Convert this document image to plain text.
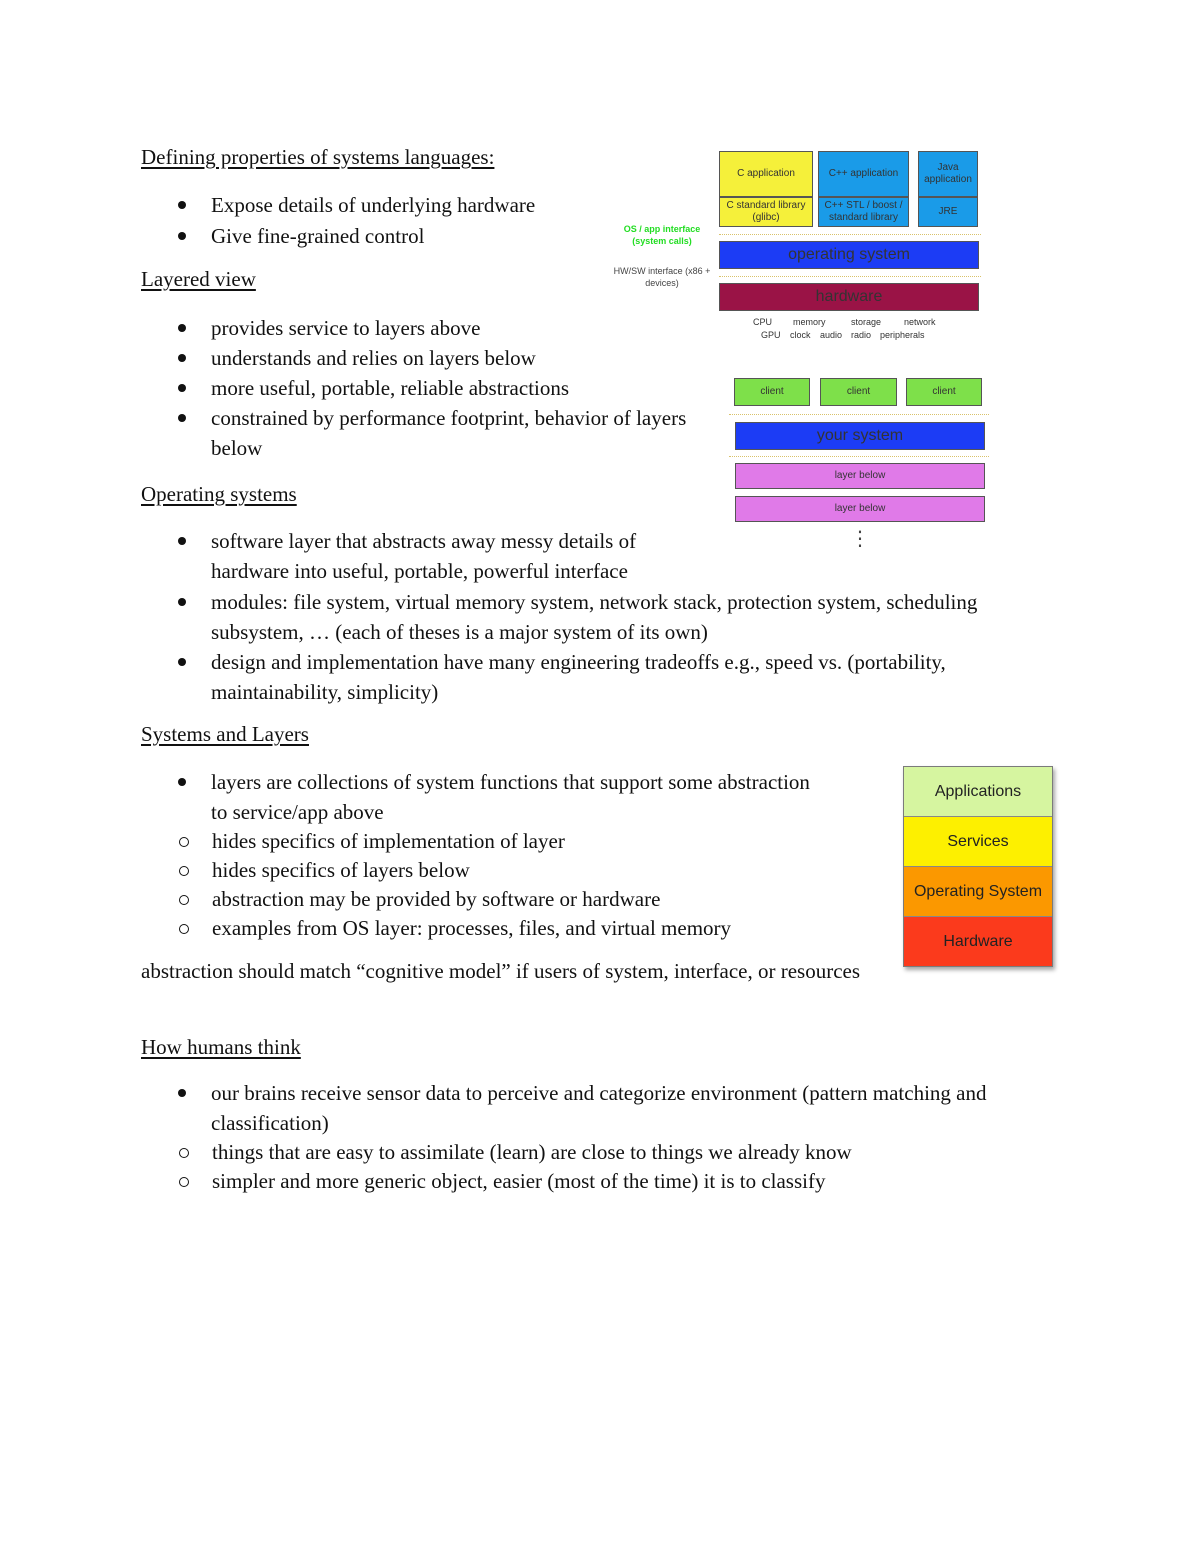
Defining properties of systems languages:
Expose details of underlying hardware
Give fine-grained control
Layered view
provides service to layers above
understands and relies on layers below
more useful, portable, reliable abstractions
constrained by performance footprint, behavior of layers below
Operating systems
software layer that abstracts away messy details of hardware into useful, portable, powerful interface
modules: file system, virtual memory system, network stack, protection system, scheduling subsystem, … (each of theses is a major system of its own)
design and implementation have many engineering tradeoffs e.g., speed vs. (portability, maintainability, simplicity)
Systems and Layers
layers are collections of system functions that support some abstraction to service/app above
hides specifics of implementation of layer
hides specifics of layers below
abstraction may be provided by software or hardware
examples from OS layer: processes, files, and virtual memory
abstraction should match “cognitive model” if users of system, interface, or resources
How humans think
our brains receive sensor data to perceive and categorize environment (pattern matching and classification)
things that are easy to assimilate (learn) are close to things we already know
simpler and more generic object, easier (most of the time) it is to classify
C application
C standard library (glibc)
C++ application
C++ STL / boost / standard library
Java application
JRE
OS / app interface (system calls)
operating system
HW/SW interface (x86 + devices)
hardware
CPU memory	storage	network
GPU clock audio radio peripherals
client	client	client
your system
layer below
layer below
⋮
Applications
Services
Operating System
Hardware
